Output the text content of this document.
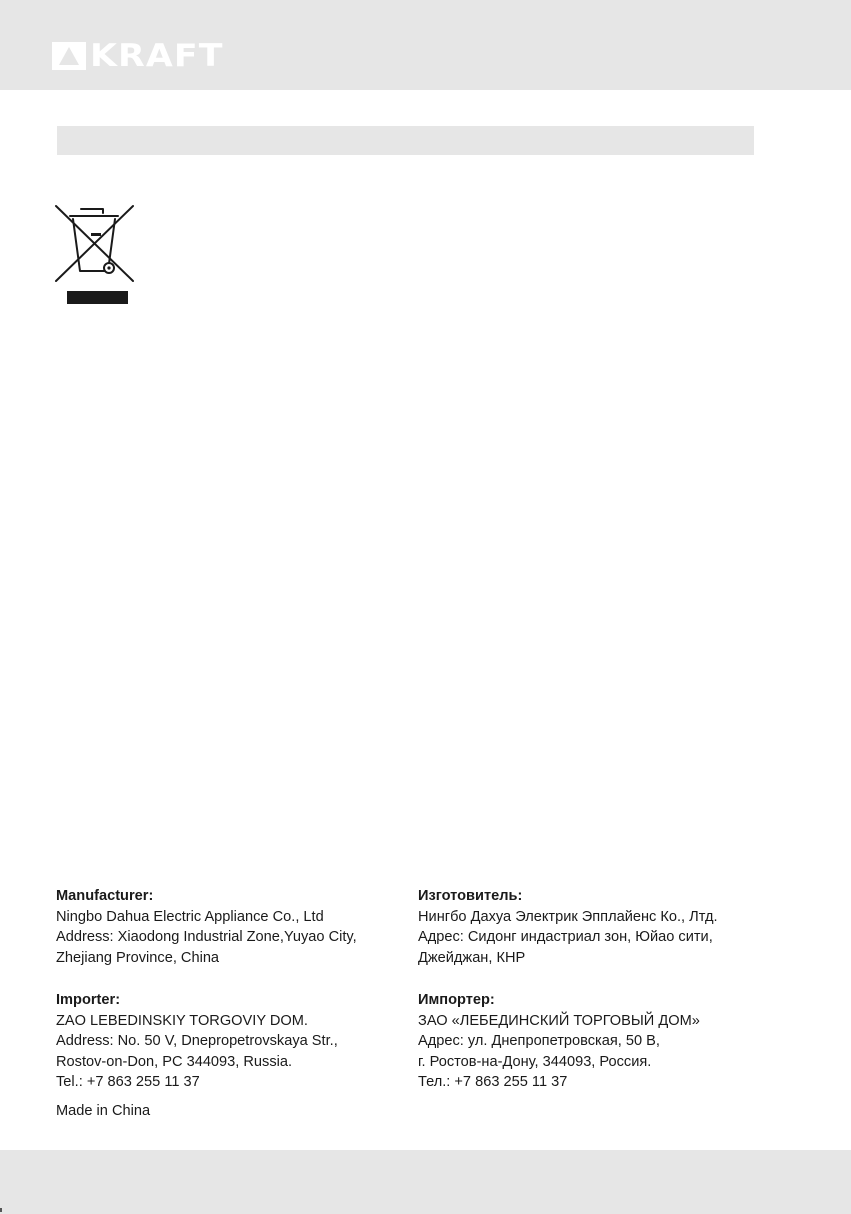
KRAFT
Manufacturer:
Ningbo Dahua Electric Appliance Co., Ltd
Address: Xiaodong Industrial Zone,Yuyao City,
Zhejiang Province, China
Изготовитель:
Нингбо Дахуа Электрик Эпплайенс Ко., Лтд.
Адрес: Сидонг индастриал зон, Юйао сити,
Джейджан, КНР
Importer:
ZAO LEBEDINSKIY TORGOVIY DOM.
Address: No. 50 V, Dnepropetrovskaya Str.,
Rostov-on-Don, PC 344093, Russia.
Tel.: +7 863 255 11 37
Импортер:
ЗАО «ЛЕБЕДИНСКИЙ ТОРГОВЫЙ ДОМ»
Адрес: ул. Днепропетровская, 50 В,
г. Ростов-на-Дону, 344093, Россия.
Тел.: +7 863 255 11 37
Made in China
